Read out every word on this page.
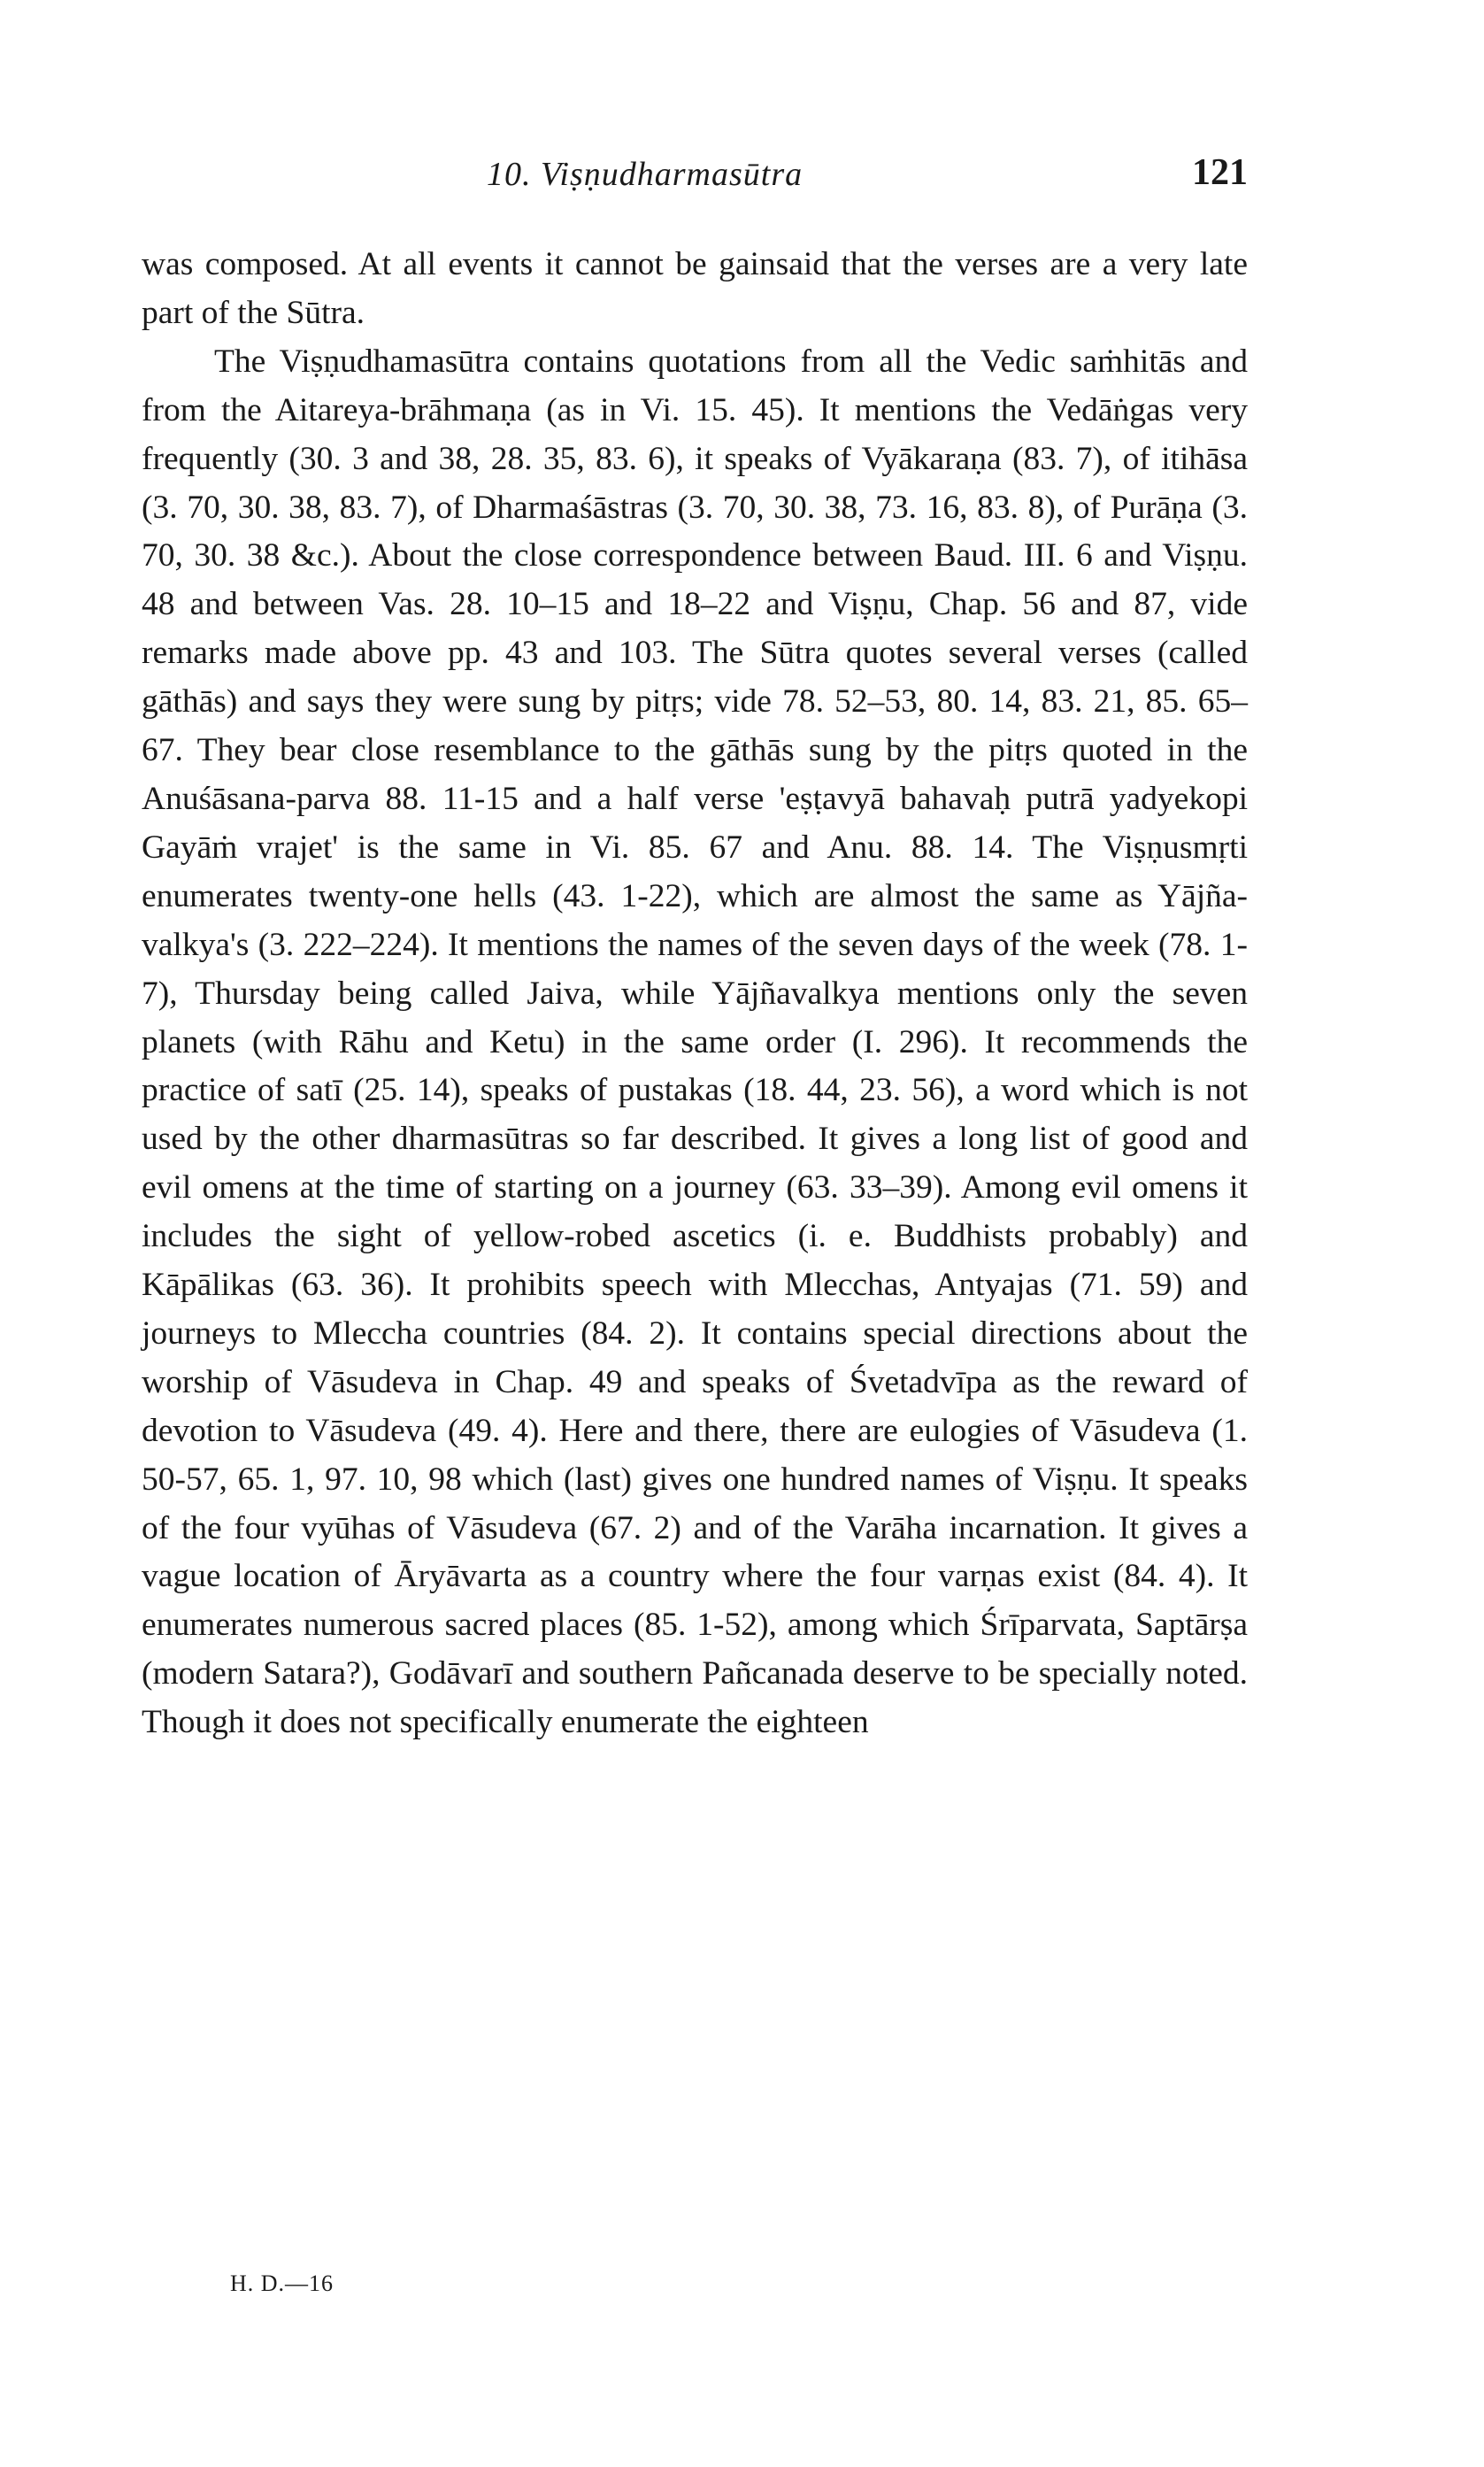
10. Viṣṇudharmasūtra	121

was composed. At all events it cannot be gainsaid that the verses are a very late part of the Sūtra.

The Viṣṇudhamasūtra contains quotations from all the Vedic saṁhitās and from the Aitareya-brāhmaṇa (as in Vi. 15. 45). It mentions the Vedāṅgas very frequently (30. 3 and 38, 28. 35, 83. 6), it speaks of Vyākaraṇa (83. 7), of itihāsa (3. 70, 30. 38, 83. 7), of Dharmaśāstras (3. 70, 30. 38, 73. 16, 83. 8), of Purāṇa (3. 70, 30. 38 &c.). About the close correspondence between Baud. III. 6 and Viṣṇu. 48 and between Vas. 28. 10–15 and 18–22 and Viṣṇu, Chap. 56 and 87, vide remarks made above pp. 43 and 103. The Sūtra quotes several verses (called gāthās) and says they were sung by pitṛs; vide 78. 52–53, 80. 14, 83. 21, 85. 65–67. They bear close resemblance to the gāthās sung by the pitṛs quoted in the Anuśāsana-parva 88. 11-15 and a half verse 'eṣṭavyā bahavaḥ putrā yadyekopi Gayāṁ vrajet' is the same in Vi. 85. 67 and Anu. 88. 14. The Viṣṇusmṛti enumerates twenty-one hells (43. 1-22), which are almost the same as Yājña-valkya's (3. 222–224). It mentions the names of the seven days of the week (78. 1-7), Thursday being called Jaiva, while Yājñavalkya mentions only the seven planets (with Rāhu and Ketu) in the same order (I. 296). It recommends the practice of satī (25. 14), speaks of pustakas (18. 44, 23. 56), a word which is not used by the other dharmasūtras so far described. It gives a long list of good and evil omens at the time of starting on a journey (63. 33–39). Among evil omens it includes the sight of yellow-robed ascetics (i. e. Buddhists probably) and Kāpālikas (63. 36). It prohibits speech with Mlecchas, Antyajas (71. 59) and journeys to Mleccha countries (84. 2). It contains special directions about the worship of Vāsudeva in Chap. 49 and speaks of Śvetadvīpa as the reward of devotion to Vāsudeva (49. 4). Here and there, there are eulogies of Vāsudeva (1. 50-57, 65. 1, 97. 10, 98 which (last) gives one hundred names of Viṣṇu. It speaks of the four vyūhas of Vāsudeva (67. 2) and of the Varāha incarnation. It gives a vague location of Āryāvarta as a country where the four varṇas exist (84. 4). It enumerates numerous sacred places (85. 1-52), among which Śrīparvata, Saptārṣa (modern Satara?), Godāvarī and southern Pañcanada deserve to be specially noted. Though it does not specifically enumerate the eighteen

H. D.—16
